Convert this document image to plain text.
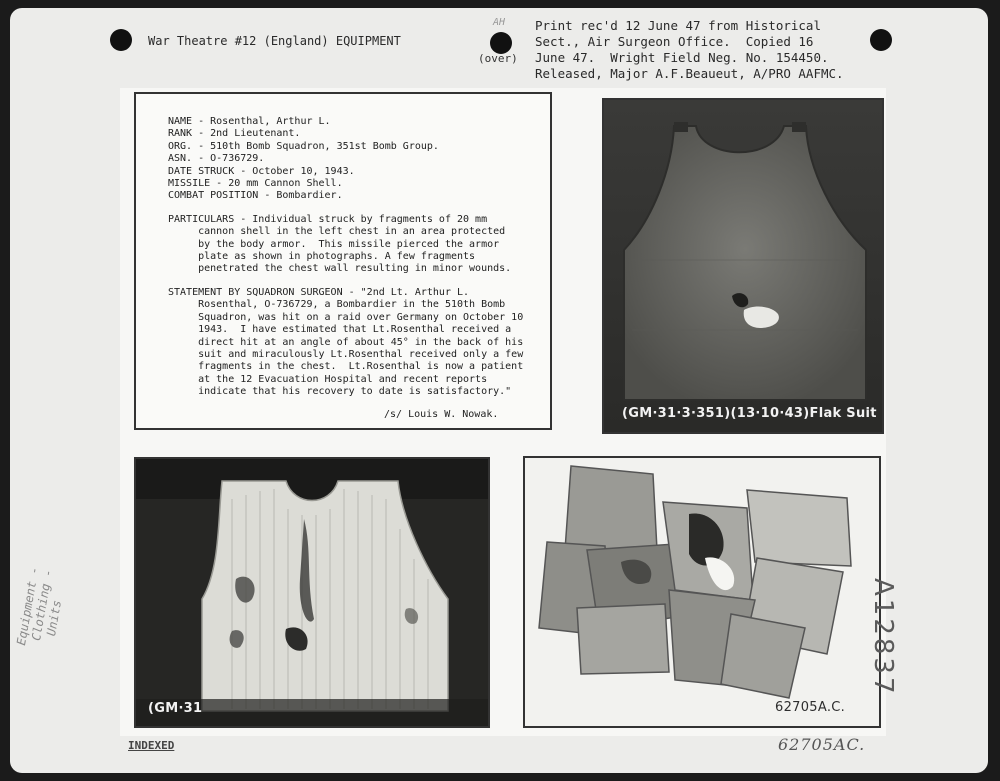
War Theatre #12 (England) EQUIPMENT
AH
(over)
Print rec'd 12 June 47 from Historical
Sect., Air Surgeon Office.  Copied 16
June 47.  Wright Field Neg. No. 154450.
Released, Major A.F.Beaueut, A/PRO AAFMC.
NAME - Rosenthal, Arthur L.
RANK - 2nd Lieutenant.
ORG. - 510th Bomb Squadron, 351st Bomb Group.
ASN. - O-736729.
DATE STRUCK - October 10, 1943.
MISSILE - 20 mm Cannon Shell.
COMBAT POSITION - Bombardier.
PARTICULARS - Individual struck by fragments of 20 mm
cannon shell in the left chest in an area protected
by the body armor.  This missile pierced the armor
plate as shown in photographs. A few fragments
penetrated the chest wall resulting in minor wounds.
STATEMENT BY SQUADRON SURGEON - "2nd Lt. Arthur L.
Rosenthal, O-736729, a Bombardier in the 510th Bomb
Squadron, was hit on a raid over Germany on October 10
1943.  I have estimated that Lt.Rosenthal received a
direct hit at an angle of about 45° in the back of his
suit and miraculously Lt.Rosenthal received only a few
fragments in the chest.  Lt.Rosenthal is now a patient
at the 12 Evacuation Hospital and recent reports
indicate that his recovery to date is satisfactory."
/s/ Louis W. Nowak.	(GM·31·3·351)(13·10·43)Flak Suit
(GM·31	62705A.C.
INDEXED	62705AC.
Equipment -
Clothing -
Units	A12837
